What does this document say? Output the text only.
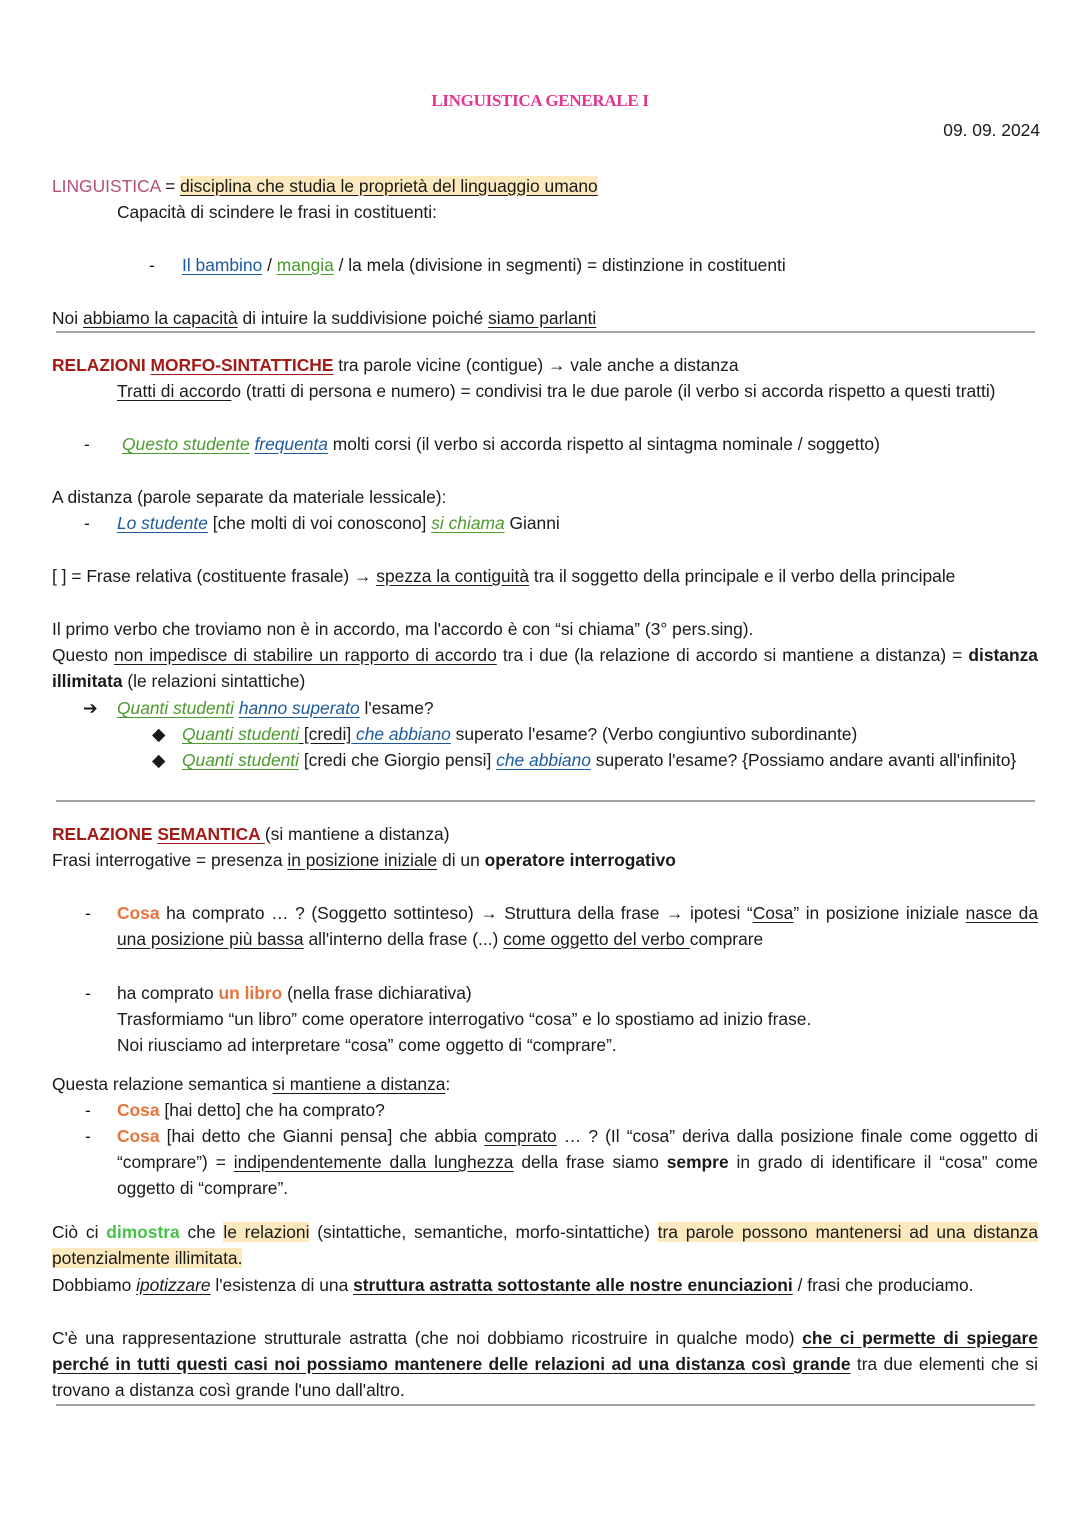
LINGUISTICA GENERALE I
09. 09. 2024

LINGUISTICA = disciplina che studia le proprietà del linguaggio umano

Capacità di scindere le frasi in costituenti:

- Il bambino / mangia / la mela (divisione in segmenti) = distinzione in costituenti

Noi abbiamo la capacità di intuire la suddivisione poiché siamo parlanti

RELAZIONI MORFO-SINTATTICHE tra parole vicine (contigue) → vale anche a distanza

Tratti di accordo (tratti di persona e numero) = condivisi tra le due parole (il verbo si accorda rispetto a questi tratti)

- Questo studente frequenta molti corsi (il verbo si accorda rispetto al sintagma nominale / soggetto)

A distanza (parole separate da materiale lessicale):

- Lo studente [che molti di voi conoscono] si chiama Gianni

[ ] = Frase relativa (costituente frasale) → spezza la contiguità tra il soggetto della principale e il verbo della principale

Il primo verbo che troviamo non è in accordo, ma l'accordo è con “si chiama” (3° pers.sing).

Questo non impedisce di stabilire un rapporto di accordo tra i due (la relazione di accordo si mantiene a distanza) = distanza illimitata (le relazioni sintattiche)

➔ Quanti studenti hanno superato l'esame?

◆ Quanti studenti [credi] che abbiano superato l'esame? (Verbo congiuntivo subordinante)

◆ Quanti studenti [credi che Giorgio pensi] che abbiano superato l'esame? {Possiamo andare avanti all'infinito}

RELAZIONE SEMANTICA (si mantiene a distanza)

Frasi interrogative = presenza in posizione iniziale di un operatore interrogativo

- Cosa ha comprato … ? (Soggetto sottinteso) → Struttura della frase → ipotesi “Cosa” in posizione iniziale nasce da una posizione più bassa all'interno della frase (...) come oggetto del verbo comprare

- ha comprato un libro (nella frase dichiarativa)

Trasformiamo “un libro” come operatore interrogativo “cosa” e lo spostiamo ad inizio frase.

Noi riusciamo ad interpretare “cosa” come oggetto di “comprare”.

Questa relazione semantica si mantiene a distanza:

- Cosa [hai detto] che ha comprato?

- Cosa [hai detto che Gianni pensa] che abbia comprato … ? (Il “cosa” deriva dalla posizione finale come oggetto di “comprare”) = indipendentemente dalla lunghezza della frase siamo sempre in grado di identificare il “cosa” come oggetto di “comprare”.

Ciò ci dimostra che le relazioni (sintattiche, semantiche, morfo-sintattiche) tra parole possono mantenersi ad una distanza potenzialmente illimitata.

Dobbiamo ipotizzare l'esistenza di una struttura astratta sottostante alle nostre enunciazioni / frasi che produciamo.

C'è una rappresentazione strutturale astratta (che noi dobbiamo ricostruire in qualche modo) che ci permette di spiegare perché in tutti questi casi noi possiamo mantenere delle relazioni ad una distanza così grande tra due elementi che si trovano a distanza così grande l'uno dall'altro.
